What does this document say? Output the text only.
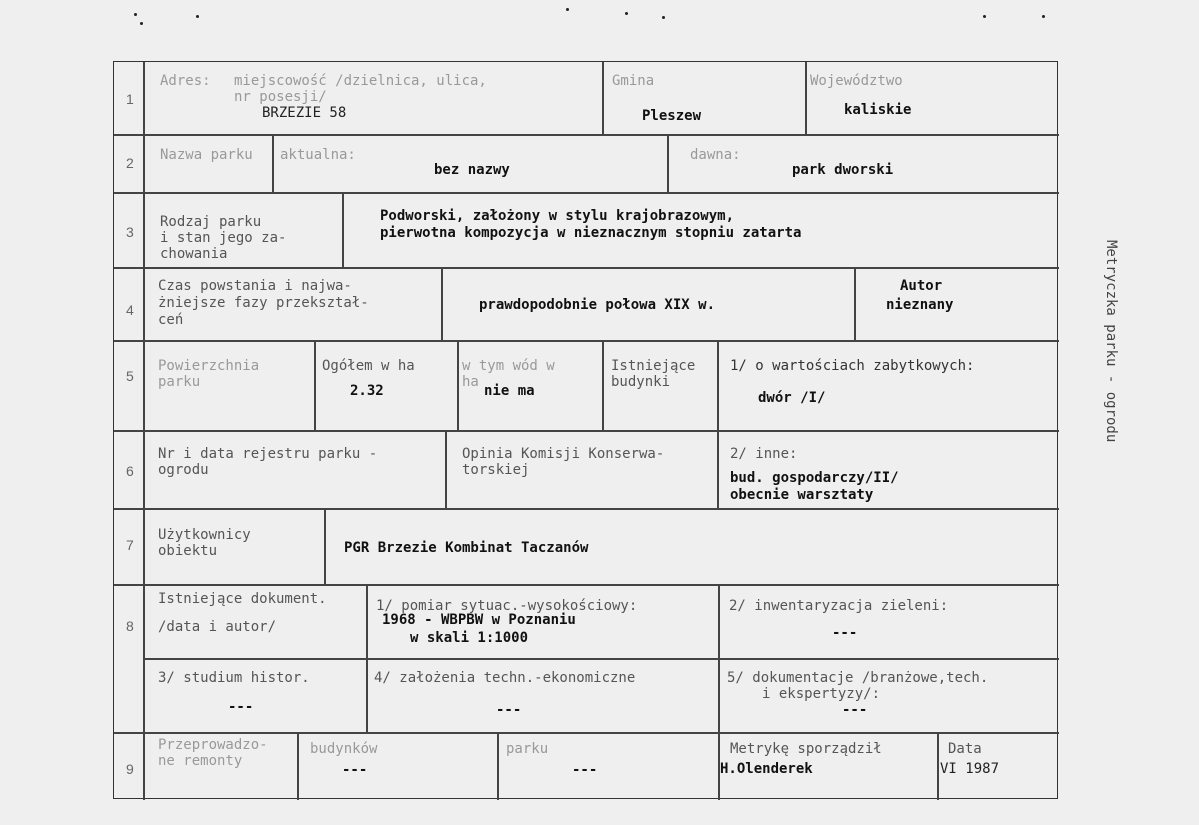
1
Adres: miejscowość /dzielnica, ulica,
nr posesji/
BRZEZIE 58
Gmina
Pleszew
Województwo
kaliskie
2 Nazwa parku aktualna:
bez nazwy
dawna:
park dworski
3
Rodzaj parku
i stan jego za-
chowania
Podworski, założony w stylu krajobrazowym,
pierwotna kompozycja w nieznacznym stopniu zatarta
4
Czas powstania i najwa-
żniejsze fazy przekształ-
ceń
prawdopodobnie połowa XIX w.
Autor
nieznany
5
Powierzchnia
parku
Ogółem w ha
2.32
w tym wód w
ha
nie ma
Istniejące
budynki
1/ o wartościach zabytkowych:
dwór /I/
6
Nr i data rejestru parku -
ogrodu
Opinia Komisji Konserwa-
torskiej
2/ inne:
bud. gospodarczy/II/
obecnie warsztaty
7
Użytkownicy
obiektu	PGR Brzezie Kombinat Taczanów
8
Istniejące dokument.
/data i autor/
1/ pomiar sytuac.-wysokościowy:
1968 - WBPBW w Poznaniu
w skali 1:1000
2/ inwentaryzacja zieleni:
---
3/ studium histor.
---
4/ założenia techn.-ekonomiczne
---
5/ dokumentacje /branżowe,tech.
i ekspertyzy/:
---
9
Przeprowadzo-
ne remonty
budynków
---
parku
---
Metrykę sporządził
H.Olenderek
Data
VI 1987
Metryczka parku - ogrodu
